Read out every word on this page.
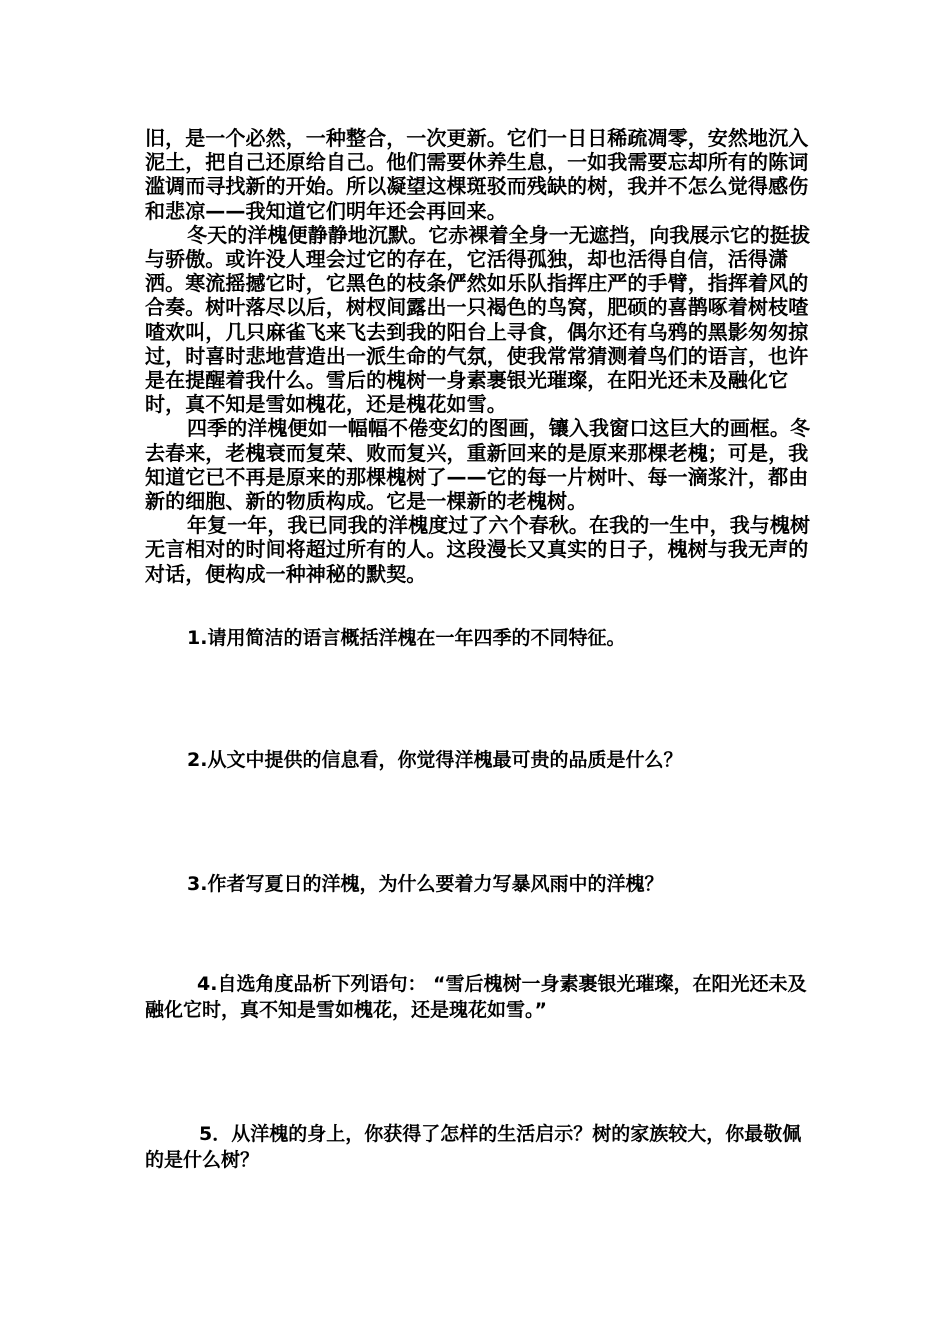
旧，是一个必然，一种整合，一次更新。它们一日日稀疏凋零，安然地沉入泥土，把自己还原给自己。他们需要休养生息，一如我需要忘却所有的陈词滥调而寻找新的开始。所以凝望这棵斑驳而残缺的树，我并不怎么觉得感伤和悲凉——我知道它们明年还会再回来。

冬天的洋槐便静静地沉默。它赤裸着全身一无遮挡，向我展示它的挺拔与骄傲。或许没人理会过它的存在，它活得孤独，却也活得自信，活得潇洒。寒流摇撼它时，它黑色的枝条俨然如乐队指挥庄严的手臂，指挥着风的合奏。树叶落尽以后，树杈间露出一只褐色的鸟窝，肥硕的喜鹊啄着树枝喳喳欢叫，几只麻雀飞来飞去到我的阳台上寻食，偶尔还有乌鸦的黑影匆匆掠过，时喜时悲地营造出一派生命的气氛，使我常常猜测着鸟们的语言，也许是在提醒着我什么。雪后的槐树一身素裹银光璀璨，在阳光还未及融化它时，真不知是雪如槐花，还是槐花如雪。

四季的洋槐便如一幅幅不倦变幻的图画，镶入我窗口这巨大的画框。冬去春来，老槐衰而复荣、败而复兴，重新回来的是原来那棵老槐；可是，我知道它已不再是原来的那棵槐树了——它的每一片树叶、每一滴浆汁，都由新的细胞、新的物质构成。它是一棵新的老槐树。

年复一年，我已同我的洋槐度过了六个春秋。在我的一生中，我与槐树无言相对的时间将超过所有的人。这段漫长又真实的日子，槐树与我无声的对话，便构成一种神秘的默契。

1.请用简洁的语言概括洋槐在一年四季的不同特征。

2.从文中提供的信息看，你觉得洋槐最可贵的品质是什么？

3.作者写夏日的洋槐，为什么要着力写暴风雨中的洋槐？

4.自选角度品析下列语句： “雪后槐树一身素裹银光璀璨，在阳光还未及融化它时，真不知是雪如槐花，还是瑰花如雪。”

5．从洋槐的身上，你获得了怎样的生活启示？树的家族较大，你最敬佩的是什么树？
